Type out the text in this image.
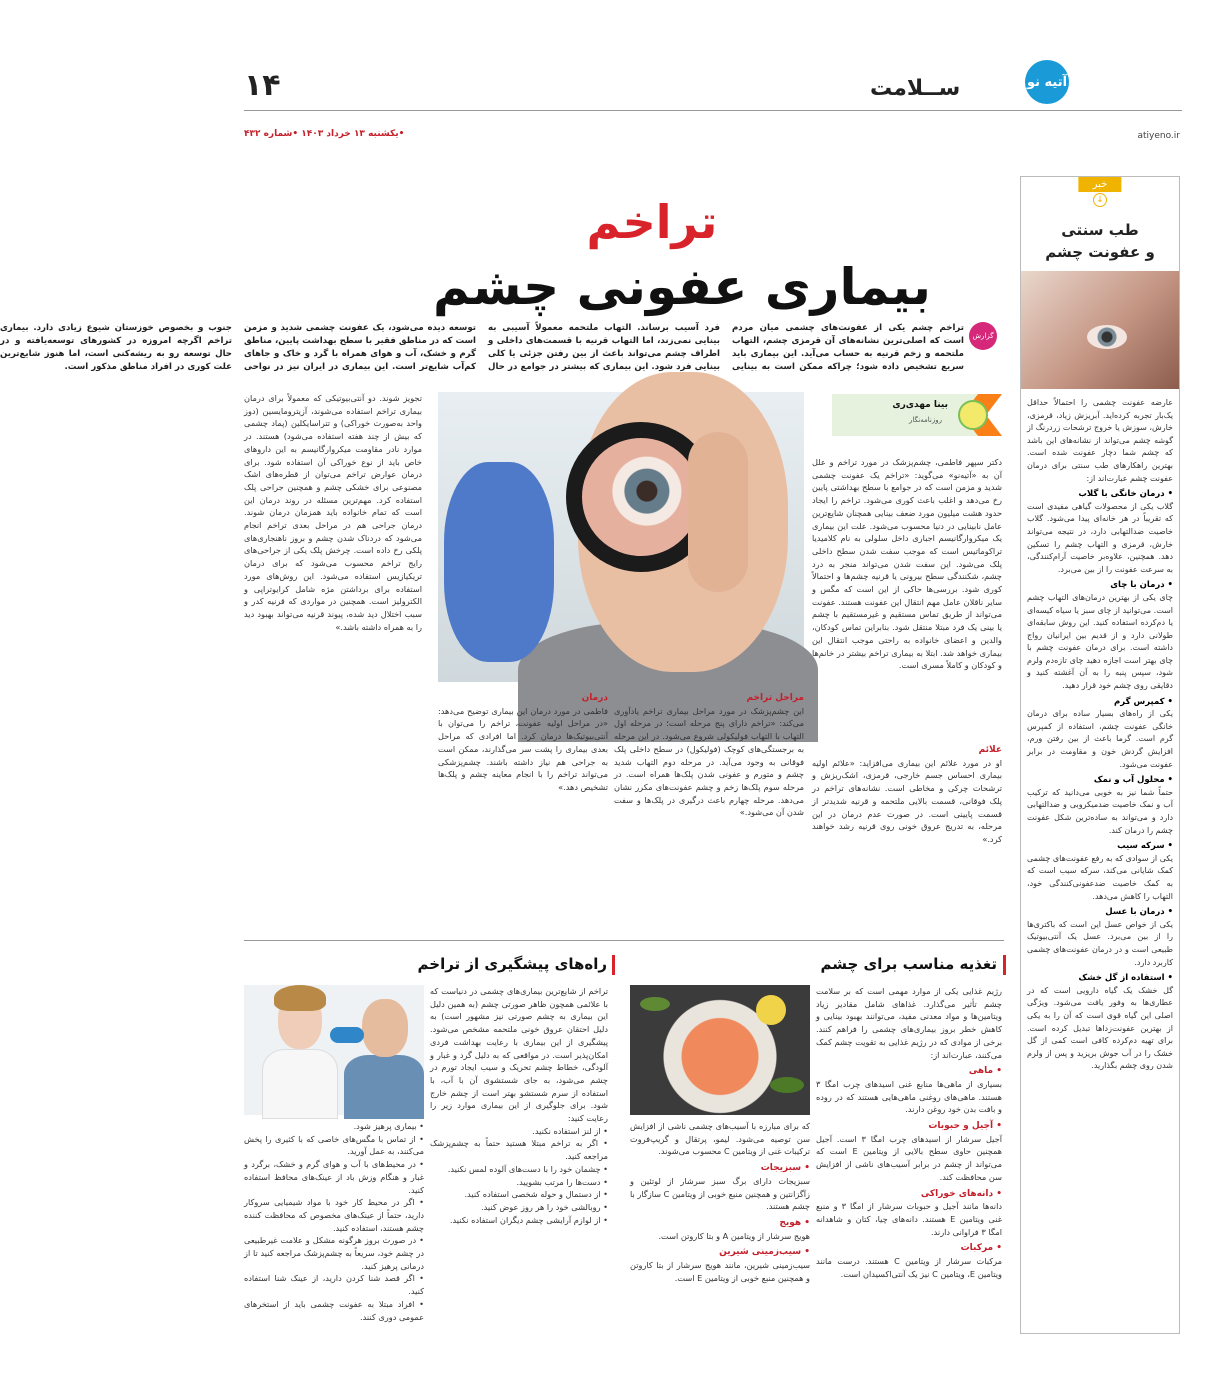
۱۴	ســلامت	آتیه نو
atiyeno.ir
•یکشنبه ۱۳ خرداد ۱۴۰۳ •شماره ۴۳۲
خبر
↓
طب سنتی
و عفونت چشم

عارضه عفونت چشمی را احتمالاً حداقل یک‌بار تجربه کرده‌اید. آبریزش زیاد، قرمزی، خارش، سوزش یا خروج ترشحات زردرنگ از گوشه چشم می‌تواند از نشانه‌های این باشد که چشم شما دچار عفونت شده است. بهترین راهکارهای طب سنتی برای درمان عفونت چشم عبارت‌اند از:

• درمان خانگی با گلاب

گلاب یکی از محصولات گیاهی مفیدی است که تقریباً در هر خانه‌ای پیدا می‌شود. گلاب خاصیت ضدالتهابی دارد، در نتیجه می‌تواند خارش، قرمزی و التهاب چشم را تسکین دهد. همچنین، علاوه‌بر خاصیت آرام‌کنندگی، به سرعت عفونت را از بین می‌برد.

• درمان با چای

چای یکی از بهترین درمان‌های التهاب چشم است. می‌توانید از چای سبز یا سیاه کیسه‌ای یا دم‌کرده استفاده کنید. این روش سابقه‌ای طولانی دارد و از قدیم بین ایرانیان رواج داشته است. برای درمان عفونت چشم با چای بهتر است اجازه دهید چای تازه‌دم ولرم شود، سپس پنبه را به آن آغشته کنید و دقایقی روی چشم خود قرار دهید.

• کمپرس گرم

یکی از راه‌های بسیار ساده برای درمان خانگی عفونت چشم، استفاده از کمپرس گرم است. گرما باعث از بین رفتن ورم، افزایش گردش خون و مقاومت در برابر عفونت می‌شود.

• محلول آب و نمک

حتماً شما نیز به خوبی می‌دانید که ترکیب آب و نمک خاصیت ضدمیکروبی و ضدالتهابی دارد و می‌تواند به ساده‌ترین شکل عفونت چشم را درمان کند.

• سرکه سیب

یکی از سوادی که به رفع عفونت‌های چشمی کمک شایانی می‌کند، سرکه سیب است که به کمک خاصیت ضدعفونی‌کنندگی خود، التهاب را کاهش می‌دهد.

• درمان با عسل

یکی از خواص عسل این است که باکتری‌ها را از بین می‌برد. عسل یک آنتی‌بیوتیک طبیعی است و در درمان عفونت‌های چشمی کاربرد دارد.

• استفاده از گل خشک

گل خشک یک گیاه دارویی است که در عطاری‌ها به وفور یافت می‌شود. ویژگی اصلی این گیاه قوی است که آن را به یکی از بهترین عفونت‌زداها تبدیل کرده است. برای تهیه دم‌کرده کافی است کمی از گل خشک را در آب جوش بریزید و پس از ولرم شدن روی چشم بگذارید.

تراخم
بیماری عفونی چشم
گزارش
تراخم چشم یکی از عفونت‌های چشمی میان مردم است که اصلی‌ترین نشانه‌های آن قرمزی چشم، التهاب ملتحمه و زخم قرنیه به حساب می‌آید. این بیماری باید سریع تشخیص داده شود؛ چراکه ممکن است به بینایی فرد آسیب برساند. التهاب ملتحمه معمولاً آسیبی به بینایی نمی‌زند، اما التهاب قرنیه با قسمت‌های داخلی و اطراف چشم می‌تواند باعث از بین رفتن جزئی یا کلی بینایی فرد شود. این بیماری که بیشتر در جوامع در حال توسعه دیده می‌شود، یک عفونت چشمی شدید و مزمن است که در مناطق فقیر با سطح بهداشت پایین، مناطق گرم و خشک، آب و هوای همراه با گرد و خاک و جاهای کم‌آب شایع‌تر است. این بیماری در ایران نیز در نواحی جنوب و بخصوص خوزستان شیوع زیادی دارد. بیماری تراخم اگرچه امروزه در کشورهای توسعه‌یافته و در حال توسعه رو به ریشه‌کنی است، اما هنوز شایع‌ترین علت کوری در افراد مناطق مذکور است.
بینا مهدی‌ری
روزنامه‌نگار

دکتر سپهر فاطمی، چشم‌پزشک در مورد تراخم و علل آن به «آتیه‌نو» می‌گوید: «تراخم یک عفونت چشمی شدید و مزمن است که در جوامع با سطح بهداشتی پایین رخ می‌دهد و اغلب باعث کوری می‌شود. تراخم را ایجاد حدود هشت میلیون مورد ضعف بینایی همچنان شایع‌ترین عامل نابینایی در دنیا محسوب می‌شود. علت این بیماری یک میکروارگانیسم اجباری داخل سلولی به نام کلامیدیا تراکوماتیس است که موجب سفت شدن سطح داخلی پلک می‌شود. این سفت شدن می‌تواند منجر به درد چشم، شکنندگی سطح بیرونی یا قرنیه چشم‌ها و احتمالاً کوری شود. بررسی‌ها حاکی از این است که مگس و سایر ناقلان عامل مهم انتقال این عفونت هستند. عفونت می‌تواند از طریق تماس مستقیم و غیرمستقیم با چشم یا بینی یک فرد مبتلا منتقل شود. بنابراین تماس کودکان، والدین و اعضای خانواده به راحتی موجب انتقال این بیماری خواهد شد. ابتلا به بیماری تراخم بیشتر در خانم‌ها و کودکان و کاملاً مسری است.

علائم

او در مورد علائم این بیماری می‌افزاید: «علائم اولیه بیماری احساس جسم خارجی، قرمزی، اشک‌ریزش و ترشحات چرکی و مخاطی است. نشانه‌های تراخم در پلک فوقانی، قسمت بالایی ملتحمه و قرنیه شدیدتر از قسمت پایینی است. در صورت عدم درمان در این مرحله، به تدریج عروق خونی روی قرنیه رشد خواهند کرد.»

مراحل تراخم

این چشم‌پزشک در مورد مراحل بیماری تراخم یادآوری می‌کند: «تراخم دارای پنج مرحله است؛ در مرحله اول التهاب با التهاب فولیکولی شروع می‌شود. در این مرحله به برجستگی‌های کوچک (فولیکول) در سطح داخلی پلک فوقانی به وجود می‌آید. در مرحله دوم التهاب شدید چشم و متورم و عفونی شدن پلک‌ها همراه است. در مرحله سوم پلک‌ها زخم و چشم عفونت‌های مکرر نشان می‌دهد. مرحله چهارم باعث درگیری در پلک‌ها و سفت شدن آن می‌شود.»

درمان

فاطمی در مورد درمان این بیماری توضیح می‌دهد: «در مراحل اولیه عفونت، تراخم را می‌توان با آنتی‌بیوتیک‌ها درمان کرد. اما افرادی که مراحل بعدی بیماری را پشت سر می‌گذارند، ممکن است به جراحی هم نیاز داشته باشند. چشم‌پزشکی می‌تواند تراخم را با انجام معاینه چشم و پلک‌ها تشخیص دهد.»

تجویز شوند. دو آنتی‌بیوتیکی که معمولاً برای درمان بیماری تراخم استفاده می‌شوند، آزیترومایسین (دوز واحد به‌صورت خوراکی) و تتراسایکلین (پماد چشمی که بیش از چند هفته استفاده می‌شود) هستند. در موارد نادر مقاومت میکروارگانیسم به این داروهای خاص باید از نوع خوراکی آن استفاده شود. برای درمان عوارض تراخم می‌توان از قطره‌های اشک مصنوعی برای خشکی چشم و همچنین جراحی پلک استفاده کرد. مهم‌ترین مسئله در روند درمان این است که تمام خانواده باید همزمان درمان شوند. درمان جراحی هم در مراحل بعدی تراخم انجام می‌شود که دردناک شدن چشم و بروز ناهنجاری‌های پلکی رخ داده است. چرخش پلک یکی از جراحی‌های رایج تراخم محسوب می‌شود که برای درمان تریکیازیس استفاده می‌شود. این روش‌های مورد استفاده برای برداشتن مژه شامل کرایوتراپی و الکترولیز است. همچنین در مواردی که قرنیه کدر و سبب اختلال دید شده، پیوند قرنیه می‌تواند بهبود دید را به همراه داشته باشد.»

تغذیه مناسب برای چشم

رژیم غذایی یکی از موارد مهمی است که بر سلامت چشم تأثیر می‌گذارد. غذاهای شامل مقادیر زیاد ویتامین‌ها و مواد معدنی مفید، می‌توانند بهبود بینایی و کاهش خطر بروز بیماری‌های چشمی را فراهم کنند. برخی از موادی که در رژیم غذایی به تقویت چشم کمک می‌کنند، عبارت‌اند از:

• ماهی

بسیاری از ماهی‌ها منابع غنی اسیدهای چرب امگا ۳ هستند. ماهی‌های روغنی ماهی‌هایی هستند که در روده و بافت بدن خود روغن دارند.

• آجیل و حبوبات

آجیل سرشار از اسیدهای چرب امگا ۳ است. آجیل همچنین حاوی سطح بالایی از ویتامین E است که می‌تواند از چشم در برابر آسیب‌های ناشی از افزایش سن محافظت کند.

• دانه‌های خوراکی

دانه‌ها مانند آجیل و حبوبات سرشار از امگا ۳ و منبع غنی ویتامین E هستند. دانه‌های چیا، کتان و شاهدانه امگا ۳ فراوانی دارند.

• مرکبات

مرکبات سرشار از ویتامین C هستند. درست مانند ویتامین E، ویتامین C نیز یک آنتی‌اکسیدان است.

که برای مبارزه با آسیب‌های چشمی ناشی از افزایش سن توصیه می‌شود. لیمو، پرتقال و گریپ‌فروت ترکیبات غنی از ویتامین C محسوب می‌شوند.

• سبزیجات

سبزیجات دارای برگ سبز سرشار از لوتئین و زآگزانتین و همچنین منبع خوبی از ویتامین C سازگار با چشم هستند.

• هویج

هویج سرشار از ویتامین A و بتا کاروتن است.

• سیب‌زمینی شیرین

سیب‌زمینی شیرین، مانند هویج سرشار از بتا کاروتن و همچنین منبع خوبی از ویتامین E است.

راه‌های پیشگیری از تراخم

تراخم از شایع‌ترین بیماری‌های چشمی در دنیاست که با علائمی همچون ظاهر صورتی چشم (به همین دلیل این بیماری به چشم صورتی نیز مشهور است) به دلیل احتقان عروق خونی ملتحمه مشخص می‌شود. پیشگیری از این بیماری با رعایت بهداشت فردی امکان‌پذیر است. در مواقعی که به دلیل گرد و غبار و آلودگی، خطاط چشم تحریک و سیب ایجاد تورم در چشم می‌شود، به جای شستشوی آن با آب، با استفاده از سرم شستشو بهتر است از چشم خارج شود. برای جلوگیری از این بیماری موارد زیر را رعایت کنید:

• از لنز استفاده نکنید.

• اگر به تراخم مبتلا هستید حتماً به چشم‌پزشک مراجعه کنید.

• چشمان خود را با دست‌های آلوده لمس نکنید.

• دست‌ها را مرتب بشویید.

• از دستمال و حوله شخصی استفاده کنید.

• روبالشی خود را هر روز عوض کنید.

• از لوازم آرایشی چشم دیگران استفاده نکنید.

• بیماری پرهیز شود.

• از تماس با مگس‌های خاصی که با کثیری را پخش می‌کنند، به عمل آورید.

• در محیط‌های با آب و هوای گرم و خشک، برگرد و غبار و هنگام وزش باد از عینک‌های محافظ استفاده کنید.

• اگر در محیط کار خود با مواد شیمیایی سروکار دارید، حتماً از عینک‌های مخصوص که محافظت کننده چشم هستند، استفاده کنید.

• در صورت بروز هرگونه مشکل و علامت غیرطبیعی در چشم خود، سریعاً به چشم‌پزشک مراجعه کنید تا از درمانی پرهیز کنید.

• اگر قصد شنا کردن دارید، از عینک شنا استفاده کنید.

• افراد مبتلا به عفونت چشمی باید از استخرهای عمومی دوری کنند.
